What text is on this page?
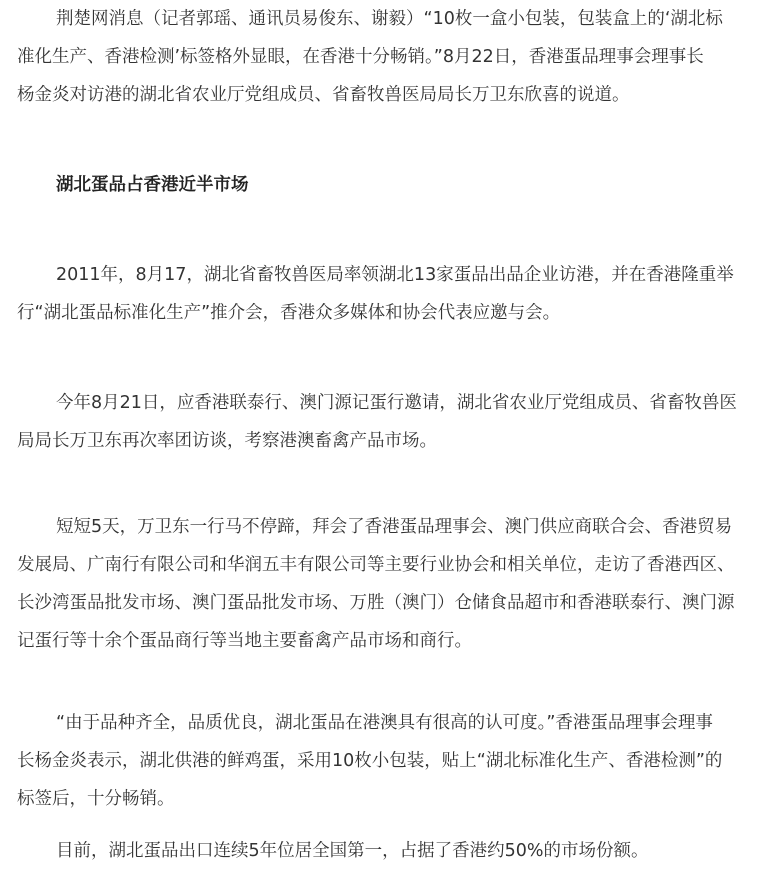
荆楚网消息（记者郭瑶、通讯员易俊东、谢毅）“10枚一盒小包装，包装盒上的‘湖北标

准化生产、香港检测’标签格外显眼，在香港十分畅销。”8月22日，香港蛋品理事会理事长

杨金炎对访港的湖北省农业厅党组成员、省畜牧兽医局局长万卫东欣喜的说道。

湖北蛋品占香港近半市场

2011年，8月17，湖北省畜牧兽医局率领湖北13家蛋品出品企业访港，并在香港隆重举

行“湖北蛋品标准化生产”推介会，香港众多媒体和协会代表应邀与会。

今年8月21日，应香港联泰行、澳门源记蛋行邀请，湖北省农业厅党组成员、省畜牧兽医

局局长万卫东再次率团访谈，考察港澳畜禽产品市场。

短短5天，万卫东一行马不停蹄，拜会了香港蛋品理事会、澳门供应商联合会、香港贸易

发展局、广南行有限公司和华润五丰有限公司等主要行业协会和相关单位，走访了香港西区、

长沙湾蛋品批发市场、澳门蛋品批发市场、万胜（澳门）仓储食品超市和香港联泰行、澳门源

记蛋行等十余个蛋品商行等当地主要畜禽产品市场和商行。

“由于品种齐全，品质优良，湖北蛋品在港澳具有很高的认可度。”香港蛋品理事会理事

长杨金炎表示，湖北供港的鲜鸡蛋，采用10枚小包装，贴上“湖北标准化生产、香港检测”的

标签后，十分畅销。

目前，湖北蛋品出口连续5年位居全国第一，占据了香港约50%的市场份额。
